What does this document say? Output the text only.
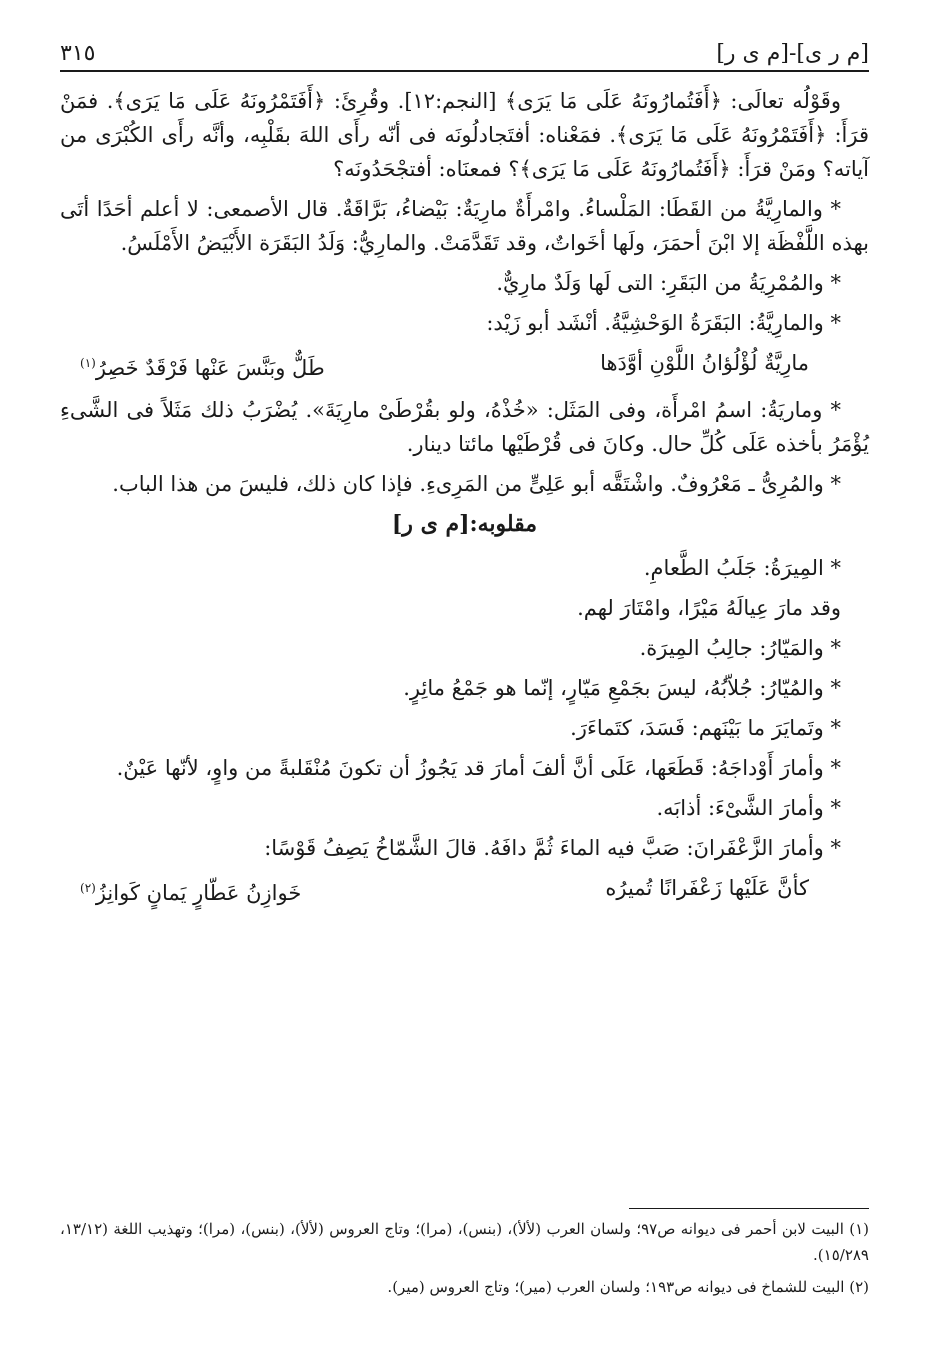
[م ر ى]-[م ى ر]
٣١٥

وقَوْلُه تعالَى: ﴿أَفَتُمارُونَهُ عَلَى مَا يَرَى﴾ [النجم:١٢]. وقُرِئَ: ﴿أَفَتَمْرُونَهُ عَلَى مَا يَرَى﴾. فمَنْ قرَأَ: ﴿أَفَتَمْرُونَهُ عَلَى مَا يَرَى﴾. فمَعْناه: أفتَجادلُونَه فى أنّه رأَى اللهَ بقَلْبِه، وأنَّه رأَى الكُبْرَى من آياته؟ ومَنْ قرَأَ: ﴿أَفَتُمارُونَهُ عَلَى مَا يَرَى﴾؟ فمعنَاه: أفتجْحَدُونَه؟

* والمارِيَّةُ من القَطَا: المَلْساءُ. وامْرأَةٌ مارِيَةٌ: بَيْضاءُ، بَرَّاقَةٌ. قال الأصمعى: لا أعلم أحَدًا أتَى بهذه اللَّفْظَة إلا ابْنَ أحمَرَ، ولَها أخَواتٌ، وقد تَقَدَّمَتْ. والمارِيُّ: وَلَدُ البَقَرَة الأَبْيَضُ الأَمْلَسُ.

* والمُمْرِيَةُ من البَقَرِ: التى لَها وَلَدٌ مارِيٌّ.

* والمارِيَّةُ: البَقَرَةُ الوَحْشِيَّةُ. أنْشَد أبو زَيْد:

مارِيَّةٌ لُؤْلُؤانُ اللَّوْنِ أوَّدَها
طَلٌّ وبَنَّسَ عَنْها فَرْقَدٌ خَصِرُ$^{(١)}$

* وماريَةُ: اسمُ امْرأَة، وفى المَثَل: «خُذْهُ، ولو بقُرْطَىْ مارِيَةَ». يُضْرَبُ ذلك مَثَلاً فى الشَّىءِ يُؤْمَرُ بأخذه عَلَى كُلِّ حال. وكانَ فى قُرْطَيْها مائتا دينار.

* والمُرِىُّ ـ مَعْرُوفٌ. واشْتَقَّه أبو عَلِىٍّ من المَرِىءِ. فإذا كان ذلك، فليسَ من هذا الباب.

مقلوبه:[م ى ر]

* المِيرَةُ: جَلَبُ الطَّعامِ.

وقد مارَ عِيالَهُ مَيْرًا، وامْتَارَ لهم.

* والمَيّارُ: جالِبُ المِيرَة.

* والمُيّارُ: جُلاّبُهُ، ليسَ بجَمْعِ مَيّارٍ، إنّما هو جَمْعُ مائِرٍ.

* وتَمايَرَ ما بَيْنَهم: فَسَدَ، كتَماءَرَ.

* وأمارَ أَوْداجَهُ: قَطَعَها، عَلَى أنَّ ألفَ أمارَ قد يَجُوزُ أن تكونَ مُنْقَلبةً من واوٍ، لأنّها عَيْنٌ.

* وأمارَ الشَّىْءَ: أذابَه.

* وأمارَ الزَّعْفَرانَ: صَبَّ فيه الماءَ ثُمَّ دافَهُ. قالَ الشَّمّاخُ يَصِفُ قَوْسًا:

كأنَّ عَلَيْها زَعْفَرانًا تُميرُه
خَوازِنُ عَطّارٍ يَمانٍ كَوانِزُ$^{(٢)}$

(١) البيت لابن أحمر فى ديوانه ص٩٧؛ ولسان العرب (لألأ)، (بنس)، (مرا)؛ وتاج العروس (لألأ)، (بنس)، (مرا)؛ وتهذيب اللغة (١٣/١٢، ١٥/٢٨٩).

(٢) البيت للشماخ فى ديوانه ص١٩٣؛ ولسان العرب (مير)؛ وتاج العروس (مير).
